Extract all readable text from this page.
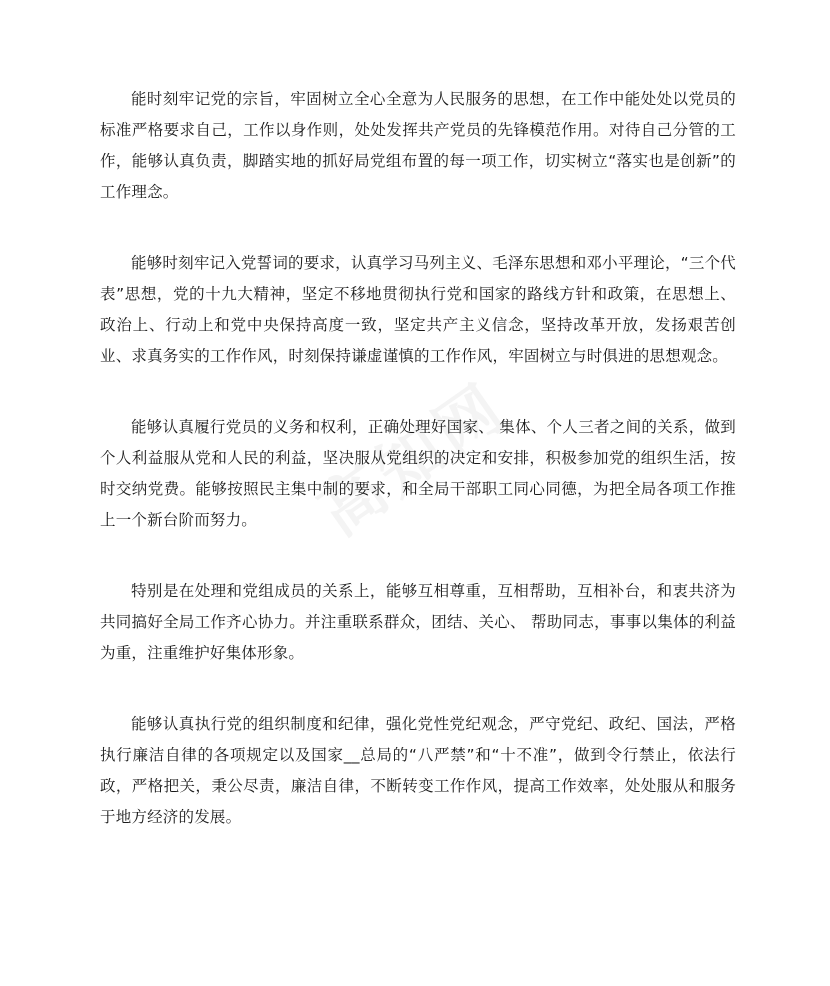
能时刻牢记党的宗旨，牢固树立全心全意为人民服务的思想，在工作中能处处以党员的标准严格要求自己，工作以身作则，处处发挥共产党员的先锋模范作用。对待自己分管的工作，能够认真负责，脚踏实地的抓好局党组布置的每一项工作，切实树立“落实也是创新”的工作理念。

能够时刻牢记入党誓词的要求，认真学习马列主义、毛泽东思想和邓小平理论，“三个代表”思想，党的十九大精神，坚定不移地贯彻执行党和国家的路线方针和政策，在思想上、政治上、行动上和党中央保持高度一致，坚定共产主义信念，坚持改革开放，发扬艰苦创业、求真务实的工作作风，时刻保持谦虚谨慎的工作作风，牢固树立与时俱进的思想观念。

能够认真履行党员的义务和权利，正确处理好国家、 集体、个人三者之间的关系，做到个人利益服从党和人民的利益，坚决服从党组织的决定和安排，积极参加党的组织生活，按时交纳党费。能够按照民主集中制的要求，和全局干部职工同心同德，为把全局各项工作推上一个新台阶而努力。

特别是在处理和党组成员的关系上，能够互相尊重，互相帮助，互相补台，和衷共济为共同搞好全局工作齐心协力。并注重联系群众，团结、关心、 帮助同志，事事以集体的利益为重，注重维护好集体形象。

能够认真执行党的组织制度和纪律，强化党性党纪观念，严守党纪、政纪、国法，严格执行廉洁自律的各项规定以及国家__总局的“八严禁”和“十不准”，做到令行禁止，依法行政，严格把关，秉公尽责，廉洁自律，不断转变工作作风，提高工作效率，处处服从和服务于地方经济的发展。
